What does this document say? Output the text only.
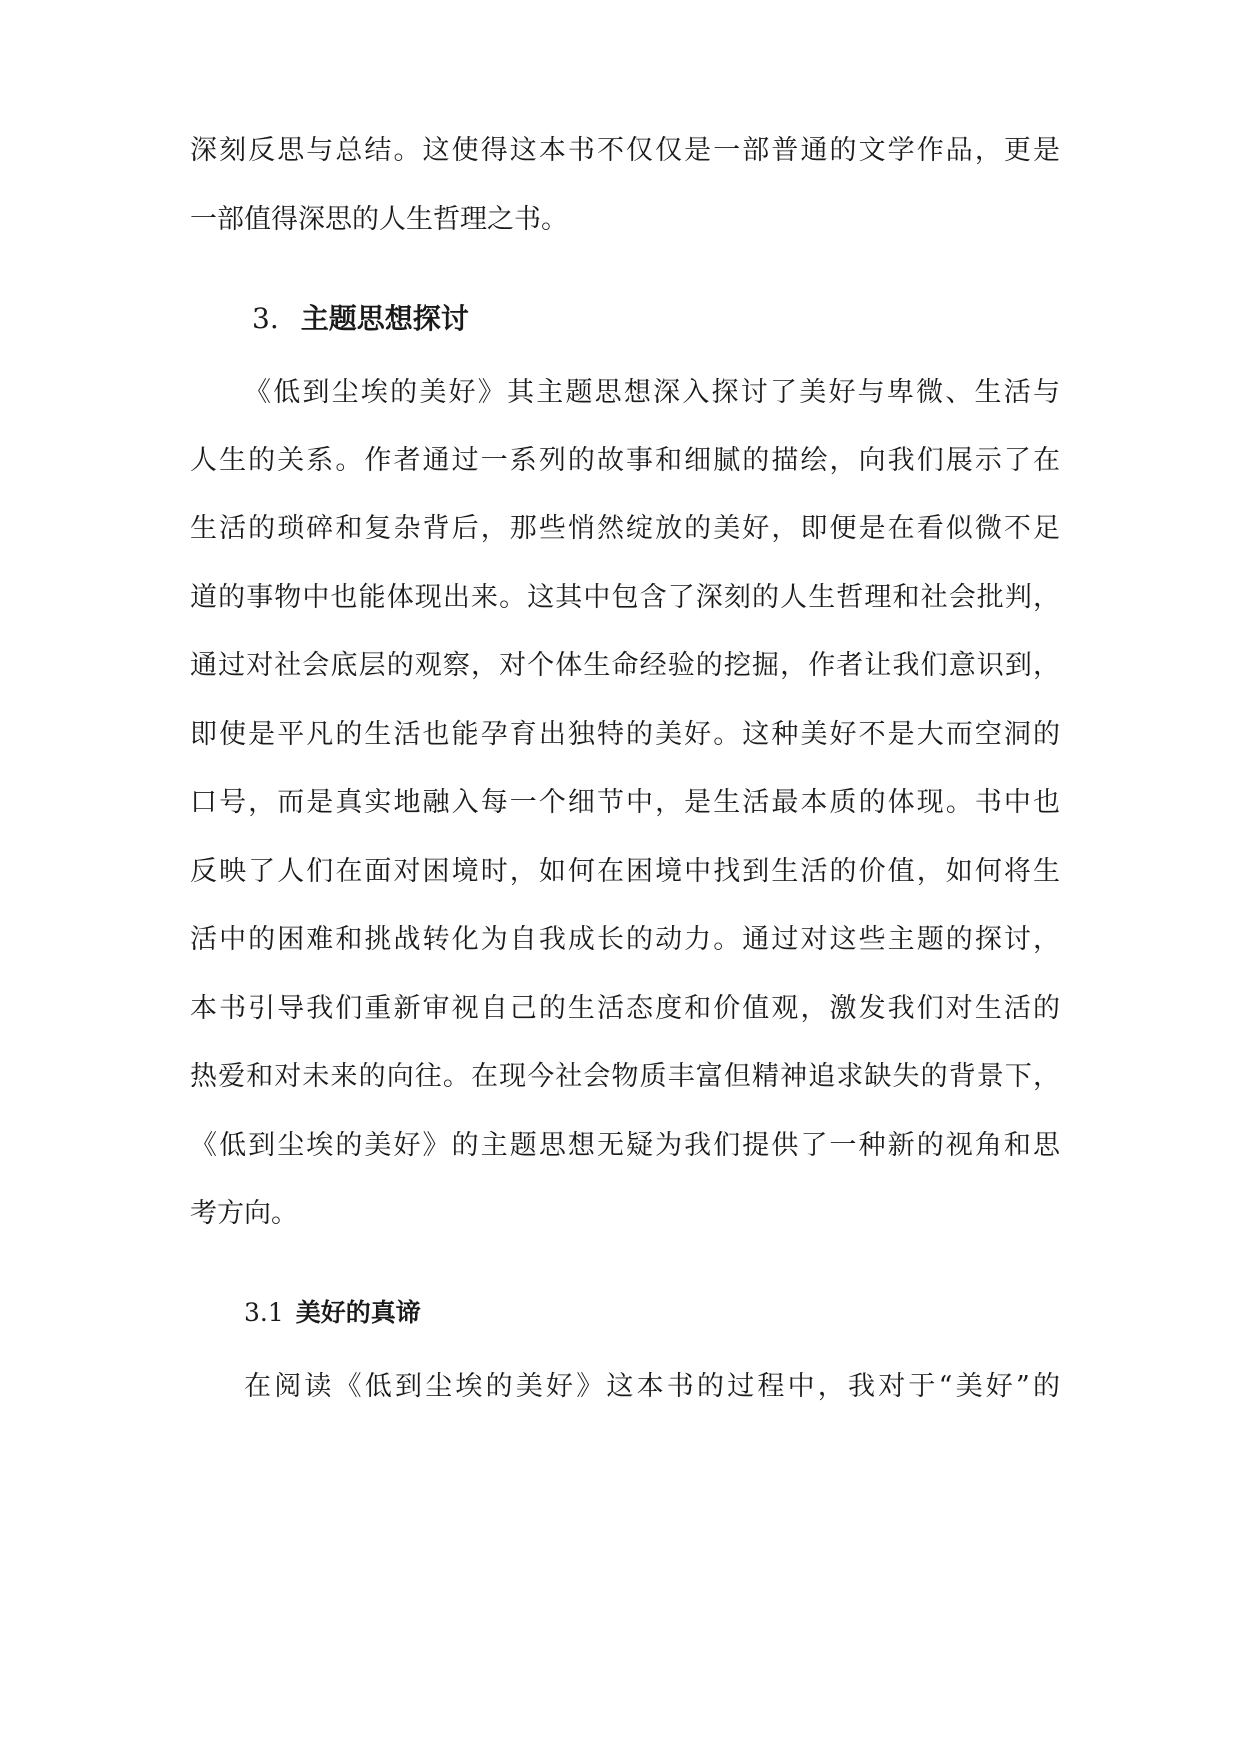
深刻反思与总结。这使得这本书不仅仅是一部普通的文学作品，更是
一部值得深思的人生哲理之书。
3. 主题思想探讨
《低到尘埃的美好》其主题思想深入探讨了美好与卑微、生活与
人生的关系。作者通过一系列的故事和细腻的描绘，向我们展示了在
生活的琐碎和复杂背后，那些悄然绽放的美好，即便是在看似微不足
道的事物中也能体现出来。这其中包含了深刻的人生哲理和社会批判，
通过对社会底层的观察，对个体生命经验的挖掘，作者让我们意识到，
即使是平凡的生活也能孕育出独特的美好。这种美好不是大而空洞的
口号，而是真实地融入每一个细节中，是生活最本质的体现。书中也
反映了人们在面对困境时，如何在困境中找到生活的价值，如何将生
活中的困难和挑战转化为自我成长的动力。通过对这些主题的探讨，
本书引导我们重新审视自己的生活态度和价值观，激发我们对生活的
热爱和对未来的向往。在现今社会物质丰富但精神追求缺失的背景下，
《低到尘埃的美好》的主题思想无疑为我们提供了一种新的视角和思
考方向。
3.1 美好的真谛
在阅读《低到尘埃的美好》这本书的过程中，我对于“美好”的
